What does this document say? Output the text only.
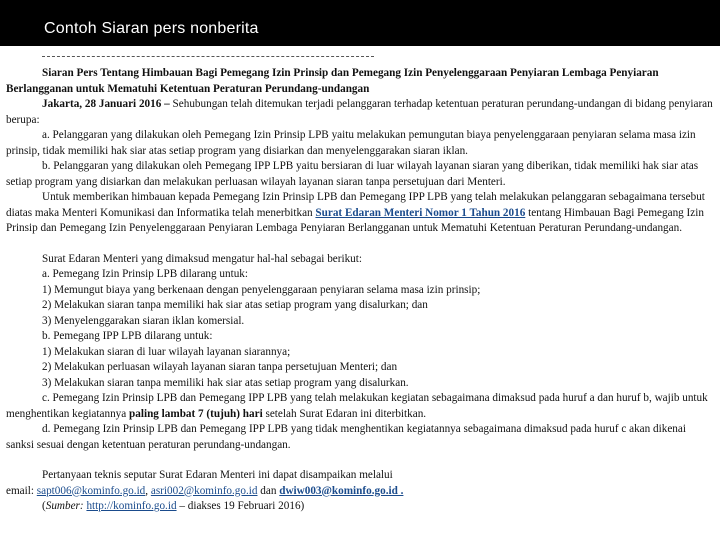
Contoh Siaran pers nonberita

Siaran Pers Tentang Himbauan Bagi Pemegang Izin Prinsip dan Pemegang Izin Penyelenggaraan Penyiaran Lembaga Penyiaran Berlangganan untuk Mematuhi Ketentuan Peraturan Perundang-undangan

Jakarta, 28 Januari 2016 – Sehubungan telah ditemukan terjadi pelanggaran terhadap ketentuan peraturan perundang-undangan di bidang penyiaran berupa:

a. Pelanggaran yang dilakukan oleh Pemegang Izin Prinsip LPB yaitu melakukan pemungutan biaya penyelenggaraan penyiaran selama masa izin prinsip, tidak memiliki hak siar atas setiap program yang disiarkan dan menyelenggarakan siaran iklan.

b. Pelanggaran yang dilakukan oleh Pemegang IPP LPB yaitu bersiaran di luar wilayah layanan siaran yang diberikan, tidak memiliki hak siar atas setiap program yang disiarkan dan melakukan perluasan wilayah layanan siaran tanpa persetujuan dari Menteri.

Untuk memberikan himbauan kepada Pemegang Izin Prinsip LPB dan Pemegang IPP LPB yang telah melakukan pelanggaran sebagaimana tersebut diatas maka Menteri Komunikasi dan Informatika telah menerbitkan Surat Edaran Menteri Nomor 1 Tahun 2016 tentang Himbauan Bagi Pemegang Izin Prinsip dan Pemegang Izin Penyelenggaraan Penyiaran Lembaga Penyiaran Berlangganan untuk Mematuhi Ketentuan Peraturan Perundang-undangan.

Surat Edaran Menteri yang dimaksud mengatur hal-hal sebagai berikut:

a. Pemegang Izin Prinsip LPB dilarang untuk:

1) Memungut biaya yang berkenaan dengan penyelenggaraan penyiaran selama masa izin prinsip;

2) Melakukan siaran tanpa memiliki hak siar atas setiap program yang disalurkan; dan

3) Menyelenggarakan siaran iklan komersial.

b. Pemegang IPP LPB dilarang untuk:

1) Melakukan siaran di luar wilayah layanan siarannya;

2) Melakukan perluasan wilayah layanan siaran tanpa persetujuan Menteri; dan

3) Melakukan siaran tanpa memiliki hak siar atas setiap program yang disalurkan.

c. Pemegang Izin Prinsip LPB dan Pemegang IPP LPB yang telah melakukan kegiatan sebagaimana dimaksud pada huruf a dan huruf b, wajib untuk menghentikan kegiatannya paling lambat 7 (tujuh) hari setelah Surat Edaran ini diterbitkan.

d. Pemegang Izin Prinsip LPB dan Pemegang IPP LPB yang tidak menghentikan kegiatannya sebagaimana dimaksud pada huruf c akan dikenai sanksi sesuai dengan ketentuan peraturan perundang-undangan.

Pertanyaan teknis seputar Surat Edaran Menteri ini dapat disampaikan melalui

email: sapt006@kominfo.go.id, asri002@kominfo.go.id dan dwiw003@kominfo.go.id .

(Sumber: http://kominfo.go.id – diakses 19 Februari 2016)
